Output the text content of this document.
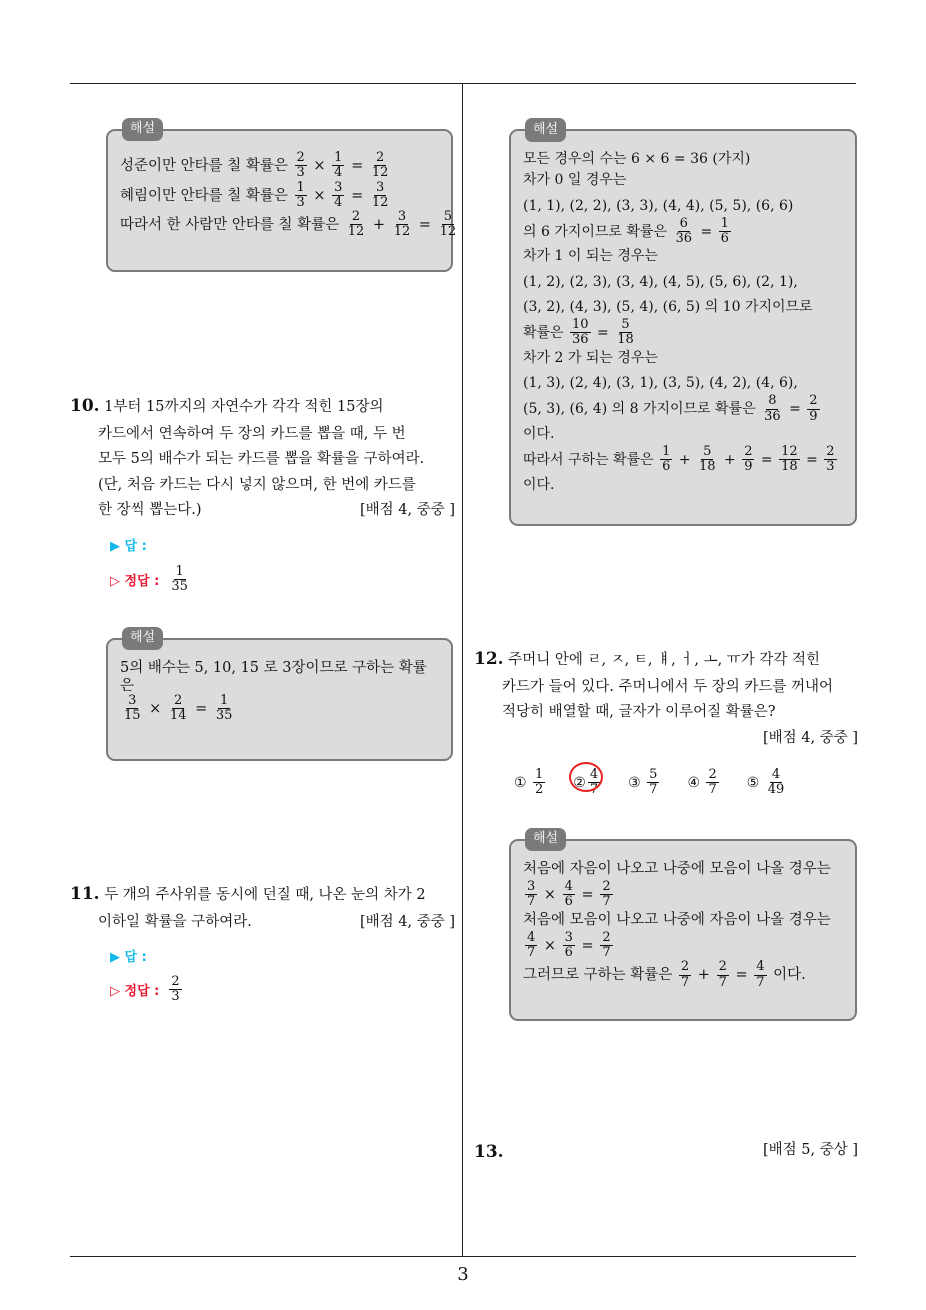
3
해설
성준이만 안타를 칠 확률은 $\frac{2}{3} \times \frac{1}{4} = \frac{2}{12}$
혜림이만 안타를 칠 확률은 $\frac{1}{3} \times \frac{3}{4} = \frac{3}{12}$
따라서 한 사람만 안타를 칠 확률은 $\frac{2}{12} + \frac{3}{12} = \frac{5}{12}$
10. 1부터 15까지의 자연수가 각각 적힌 15장의
카드에서 연속하여 두 장의 카드를 뽑을 때, 두 번
모두 5의 배수가 되는 카드를 뽑을 확률을 구하여라.
(단, 처음 카드는 다시 넣지 않으며, 한 번에 카드를
한 장씩 뽑는다.)	[배점 4, 중중 ]
▶ 답 :
▷ 정답 : $\frac{1}{35}$
해설
5의 배수는 5, 10, 15 로 3장이므로 구하는 확률
은
$\frac{3}{15} \times \frac{2}{14} = \frac{1}{35}$
11. 두 개의 주사위를 동시에 던질 때, 나온 눈의 차가 2
이하일 확률을 구하여라.	[배점 4, 중중 ]
▶ 답 :
▷ 정답 : $\frac{2}{3}$
해설
모든 경우의 수는 6 × 6 = 36 (가지)
차가 0 일 경우는
(1, 1), (2, 2), (3, 3), (4, 4), (5, 5), (6, 6)
의 6 가지이므로 확률은 $\frac{6}{36} = \frac{1}{6}$
차가 1 이 되는 경우는
(1, 2), (2, 3), (3, 4), (4, 5), (5, 6), (2, 1),
(3, 2), (4, 3), (5, 4), (6, 5) 의 10 가지이므로
확률은 $\frac{10}{36} = \frac{5}{18}$
차가 2 가 되는 경우는
(1, 3), (2, 4), (3, 1), (3, 5), (4, 2), (4, 6),
(5, 3), (6, 4) 의 8 가지이므로 확률은 $\frac{8}{36} = \frac{2}{9}$
이다.
따라서 구하는 확률은 $\frac{1}{6} + \frac{5}{18} + \frac{2}{9} = \frac{12}{18} = \frac{2}{3}$
이다.
12. 주머니 안에 ㄹ, ㅈ, ㅌ, ㅒ, ㅓ, ㅗ, ㅠ가 각각 적힌
카드가 들어 있다. 주머니에서 두 장의 카드를 꺼내어
적당히 배열할 때, 글자가 이루어질 확률은?
[배점 4, 중중 ]
①
$\frac{1}{2}$ ② $\frac{4}{7}$ ③
$\frac{5}{7}$ ④
$\frac{2}{7}$ ⑤
$\frac{4}{49}$
해설
처음에 자음이 나오고 나중에 모음이 나올 경우는
$\frac{3}{7} \times \frac{4}{6} = \frac{2}{7}$
처음에 모음이 나오고 나중에 자음이 나올 경우는
$\frac{4}{7} \times \frac{3}{6} = \frac{2}{7}$
그러므로 구하는 확률은 $\frac{2}{7} + \frac{2}{7} = \frac{4}{7}$ 이다.
13.	[배점 5, 중상 ]
